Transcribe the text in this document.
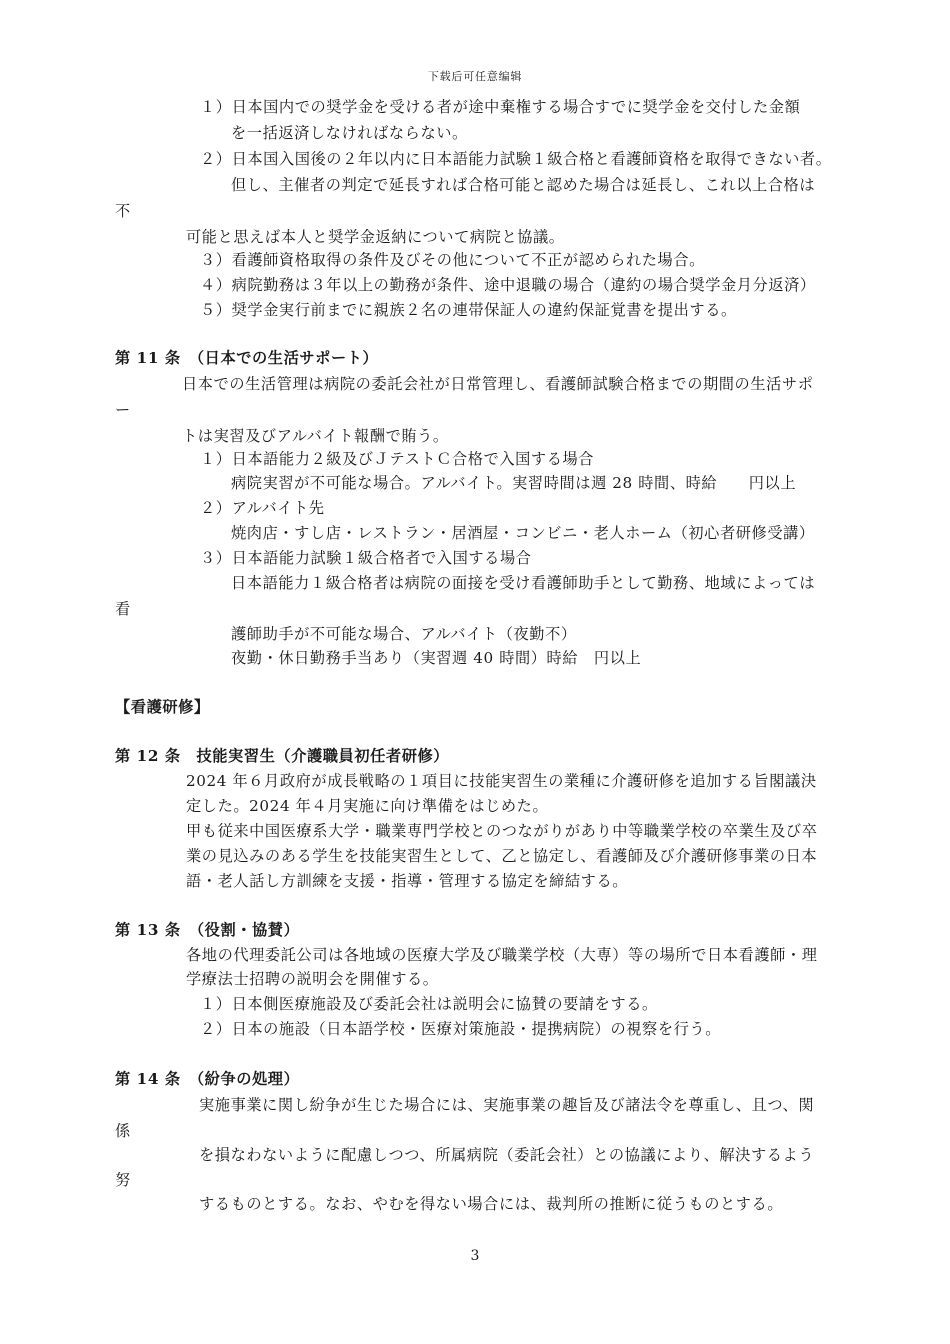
下载后可任意编辑
１）日本国内での奨学金を受ける者が途中棄権する場合すでに奨学金を交付した金額
を一括返済しなければならない。
２）日本国入国後の２年以内に日本語能力試験１級合格と看護師資格を取得できない者。
但し、主催者の判定で延長すれば合格可能と認めた場合は延長し、これ以上合格は
不
可能と思えば本人と奨学金返納について病院と協議。
３）看護師資格取得の条件及びその他について不正が認められた場合。
４）病院勤務は３年以上の勤務が条件、途中退職の場合（違約の場合奨学金月分返済）
５）奨学金実行前までに親族２名の連帯保証人の違約保証覚書を提出する。
第 11 条　（日本での生活サポート）
日本での生活管理は病院の委託会社が日常管理し、看護師試験合格までの期間の生活サポ
ー
トは実習及びアルバイト報酬で賄う。
１）日本語能力２級及びＪテストＣ合格で入国する場合
病院実習が不可能な場合。アルバイト。実習時間は週 28 時間、時給　　円以上
２）アルバイト先
焼肉店・すし店・レストラン・居酒屋・コンビニ・老人ホーム（初心者研修受講）
３）日本語能力試験１級合格者で入国する場合
日本語能力１級合格者は病院の面接を受け看護師助手として勤務、地域によっては
看
護師助手が不可能な場合、アルバイト（夜勤不）
夜勤・休日勤務手当あり（実習週 40 時間）時給　円以上
【看護研修】
第 12 条　技能実習生（介護職員初任者研修）
2024 年６月政府が成長戦略の１項目に技能実習生の業種に介護研修を追加する旨閣議決
定した。2024 年４月実施に向け準備をはじめた。
甲も従来中国医療系大学・職業専門学校とのつながりがあり中等職業学校の卒業生及び卒
業の見込みのある学生を技能実習生として、乙と協定し、看護師及び介護研修事業の日本
語・老人話し方訓練を支援・指導・管理する協定を締結する。
第 13 条　（役割・協賛）
各地の代理委託公司は各地域の医療大学及び職業学校（大専）等の場所で日本看護師・理
学療法士招聘の説明会を開催する。
１）日本側医療施設及び委託会社は説明会に協賛の要請をする。
２）日本の施設（日本語学校・医療対策施設・提携病院）の視察を行う。
第 14 条　（紛争の処理）
実施事業に関し紛争が生じた場合には、実施事業の趣旨及び諸法令を尊重し、且つ、関
係
を損なわないように配慮しつつ、所属病院（委託会社）との協議により、解決するよう
努
するものとする。なお、やむを得ない場合には、裁判所の推断に従うものとする。
3
